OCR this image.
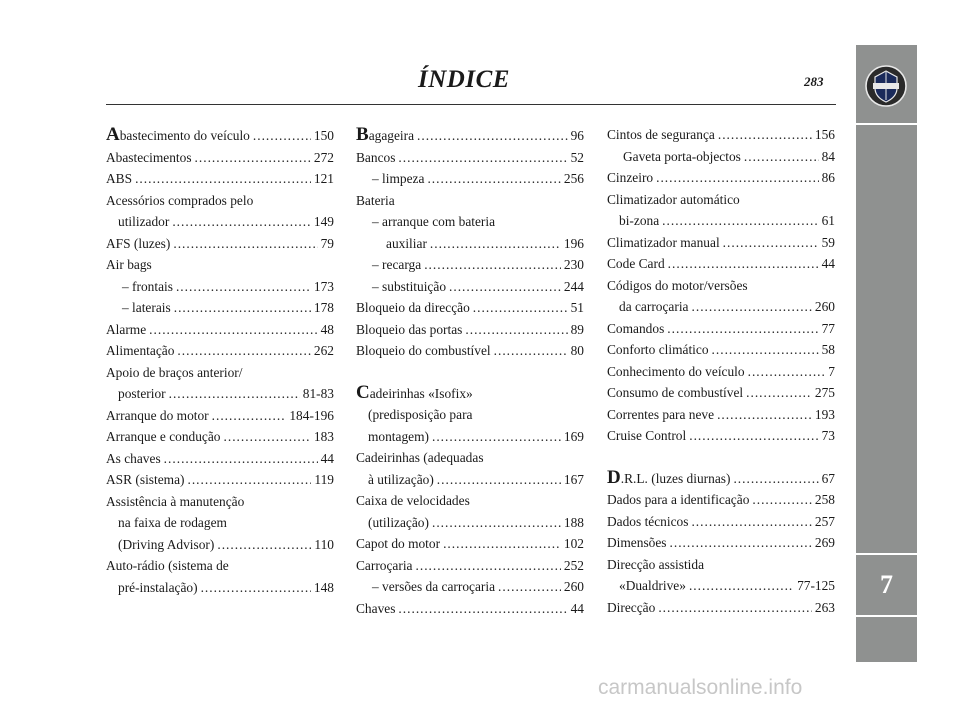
ÍNDICE	283
7
A bastecimento do veículo .....	150
Abastecimentos .....	272
ABS .....	121
Acessórios comprados pelo
utilizador .....	149
AFS (luzes) .....	79
Air bags
– frontais .....	173
– laterais .....	178
Alarme .....	48
Alimentação .....	262
Apoio de braços anterior/
posterior .....	81-83
Arranque do motor .....	184-196
Arranque e condução .....	183
As chaves .....	44
ASR (sistema) .....	119
Assistência à manutenção
na faixa de rodagem
(Driving Advisor) .....	110
Auto-rádio (sistema de
pré-instalação) .....	148
B agageira .....	96
Bancos .....	52
– limpeza .....	256
Bateria
– arranque com bateria
auxiliar .....	196
– recarga .....	230
– substituição .....	244
Bloqueio da direcção .....	51
Bloqueio das portas .....	89
Bloqueio do combustível .....	80
C adeirinhas «Isofix»
(predisposição para
montagem) .....	169
Cadeirinhas (adequadas
à utilização) .....	167
Caixa de velocidades
(utilização) .....	188
Capot do motor .....	102
Carroçaria .....	252
– versões da carroçaria .....	260
Chaves .....	44
Cintos de segurança .....	156
Gaveta porta-objectos .....	84
Cinzeiro .....	86
Climatizador automático
bi-zona .....	61
Climatizador manual .....	59
Code Card .....	44
Códigos do motor/versões
da carroçaria .....	260
Comandos .....	77
Conforto climático .....	58
Conhecimento do veículo .....	7
Consumo de combustível .....	275
Correntes para neve .....	193
Cruise Control .....	73
D .R.L. (luzes diurnas) .....	67
Dados para a identificação .....	258
Dados técnicos .....	257
Dimensões .....	269
Direcção assistida
«Dualdrive» .....	77-125
Direcção .....	263
carmanualsonline.info
